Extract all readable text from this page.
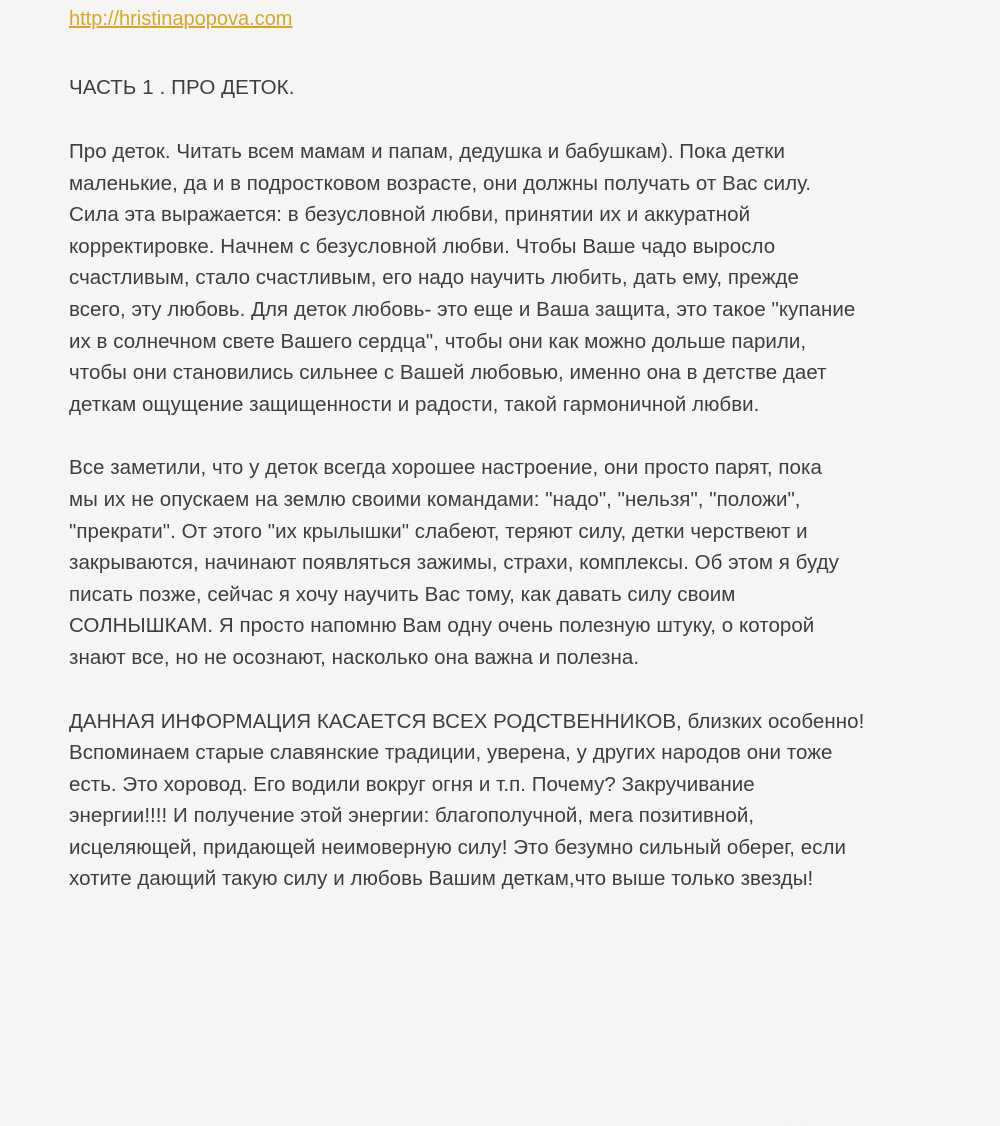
http://hristinapopova.com
ЧАСТЬ 1 . ПРО ДЕТОК.
Про деток. Читать всем мамам и папам, дедушка и бабушкам). Пока детки
маленькие, да и в подростковом возрасте, они должны получать от Вас силу.
Сила эта выражается: в безусловной любви, принятии их и аккуратной
корректировке. Начнем с безусловной любви. Чтобы Ваше чадо выросло
счастливым, стало счастливым, его надо научить любить, дать ему, прежде
всего, эту любовь. Для деток любовь- это еще и Ваша защита, это такое "купание
их в солнечном свете Вашего сердца", чтобы они как можно дольше парили,
чтобы они становились сильнее с Вашей любовью, именно она в детстве дает
деткам ощущение защищенности и радости, такой гармоничной любви.
Все заметили, что у деток всегда хорошее настроение, они просто парят, пока
мы их не опускаем на землю своими командами: "надо", "нельзя", "положи",
"прекрати". От этого "их крылышки" слабеют, теряют силу, детки черствеют и
закрываются, начинают появляться зажимы, страхи, комплексы. Об этом я буду
писать позже, сейчас я хочу научить Вас тому, как давать силу своим
СОЛНЫШКАМ. Я просто напомню Вам одну очень полезную штуку, о которой
знают все, но не осознают, насколько она важна и полезна.
ДАННАЯ ИНФОРМАЦИЯ КАСАЕТСЯ ВСЕХ РОДСТВЕННИКОВ, близких особенно!
Вспоминаем старые славянские традиции, уверена, у других народов они тоже
есть. Это хоровод. Его водили вокруг огня и т.п. Почему? Закручивание
энергии!!!! И получение этой энергии: благополучной, мега позитивной,
исцеляющей, придающей неимоверную силу! Это безумно сильный оберег, если
хотите дающий такую силу и любовь Вашим деткам,что выше только звезды!
